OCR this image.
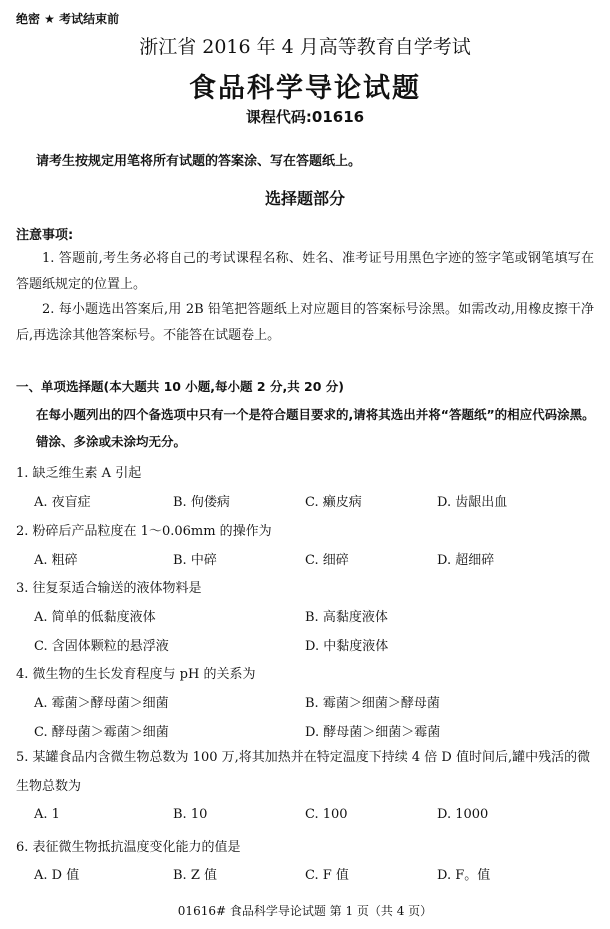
绝密 ★ 考试结束前
浙江省 2016 年 4 月高等教育自学考试
食品科学导论试题
课程代码:01616
请考生按规定用笔将所有试题的答案涂、写在答题纸上。
选择题部分
注意事项:
1. 答题前,考生务必将自己的考试课程名称、姓名、准考证号用黑色字迹的签字笔或钢笔填写在答题纸规定的位置上。
2. 每小题选出答案后,用 2B 铅笔把答题纸上对应题目的答案标号涂黑。如需改动,用橡皮擦干净后,再选涂其他答案标号。不能答在试题卷上。
一、单项选择题(本大题共 10 小题,每小题 2 分,共 20 分)
在每小题列出的四个备选项中只有一个是符合题目要求的,请将其选出并将“答题纸”的相应代码涂黑。错涂、多涂或未涂均无分。
1. 缺乏维生素 A 引起
A. 夜盲症	B. 佝偻病	C. 癞皮病	D. 齿龈出血
2. 粉碎后产品粒度在 1～0.06mm 的操作为
A. 粗碎	B. 中碎	C. 细碎	D. 超细碎
3. 往复泵适合输送的液体物料是
A. 简单的低黏度液体	B. 高黏度液体
C. 含固体颗粒的悬浮液	D. 中黏度液体
4. 微生物的生长发育程度与 pH 的关系为
A. 霉菌＞酵母菌＞细菌	B. 霉菌＞细菌＞酵母菌
C. 酵母菌＞霉菌＞细菌	D. 酵母菌＞细菌＞霉菌
5. 某罐食品内含微生物总数为 100 万,将其加热并在特定温度下持续 4 倍 D 值时间后,罐中残活的微生物总数为
A. 1	B. 10	C. 100	D. 1000
6. 表征微生物抵抗温度变化能力的值是
A. D 值	B. Z 值	C. F 值	D. F。值
01616# 食品科学导论试题 第 1 页（共 4 页）
